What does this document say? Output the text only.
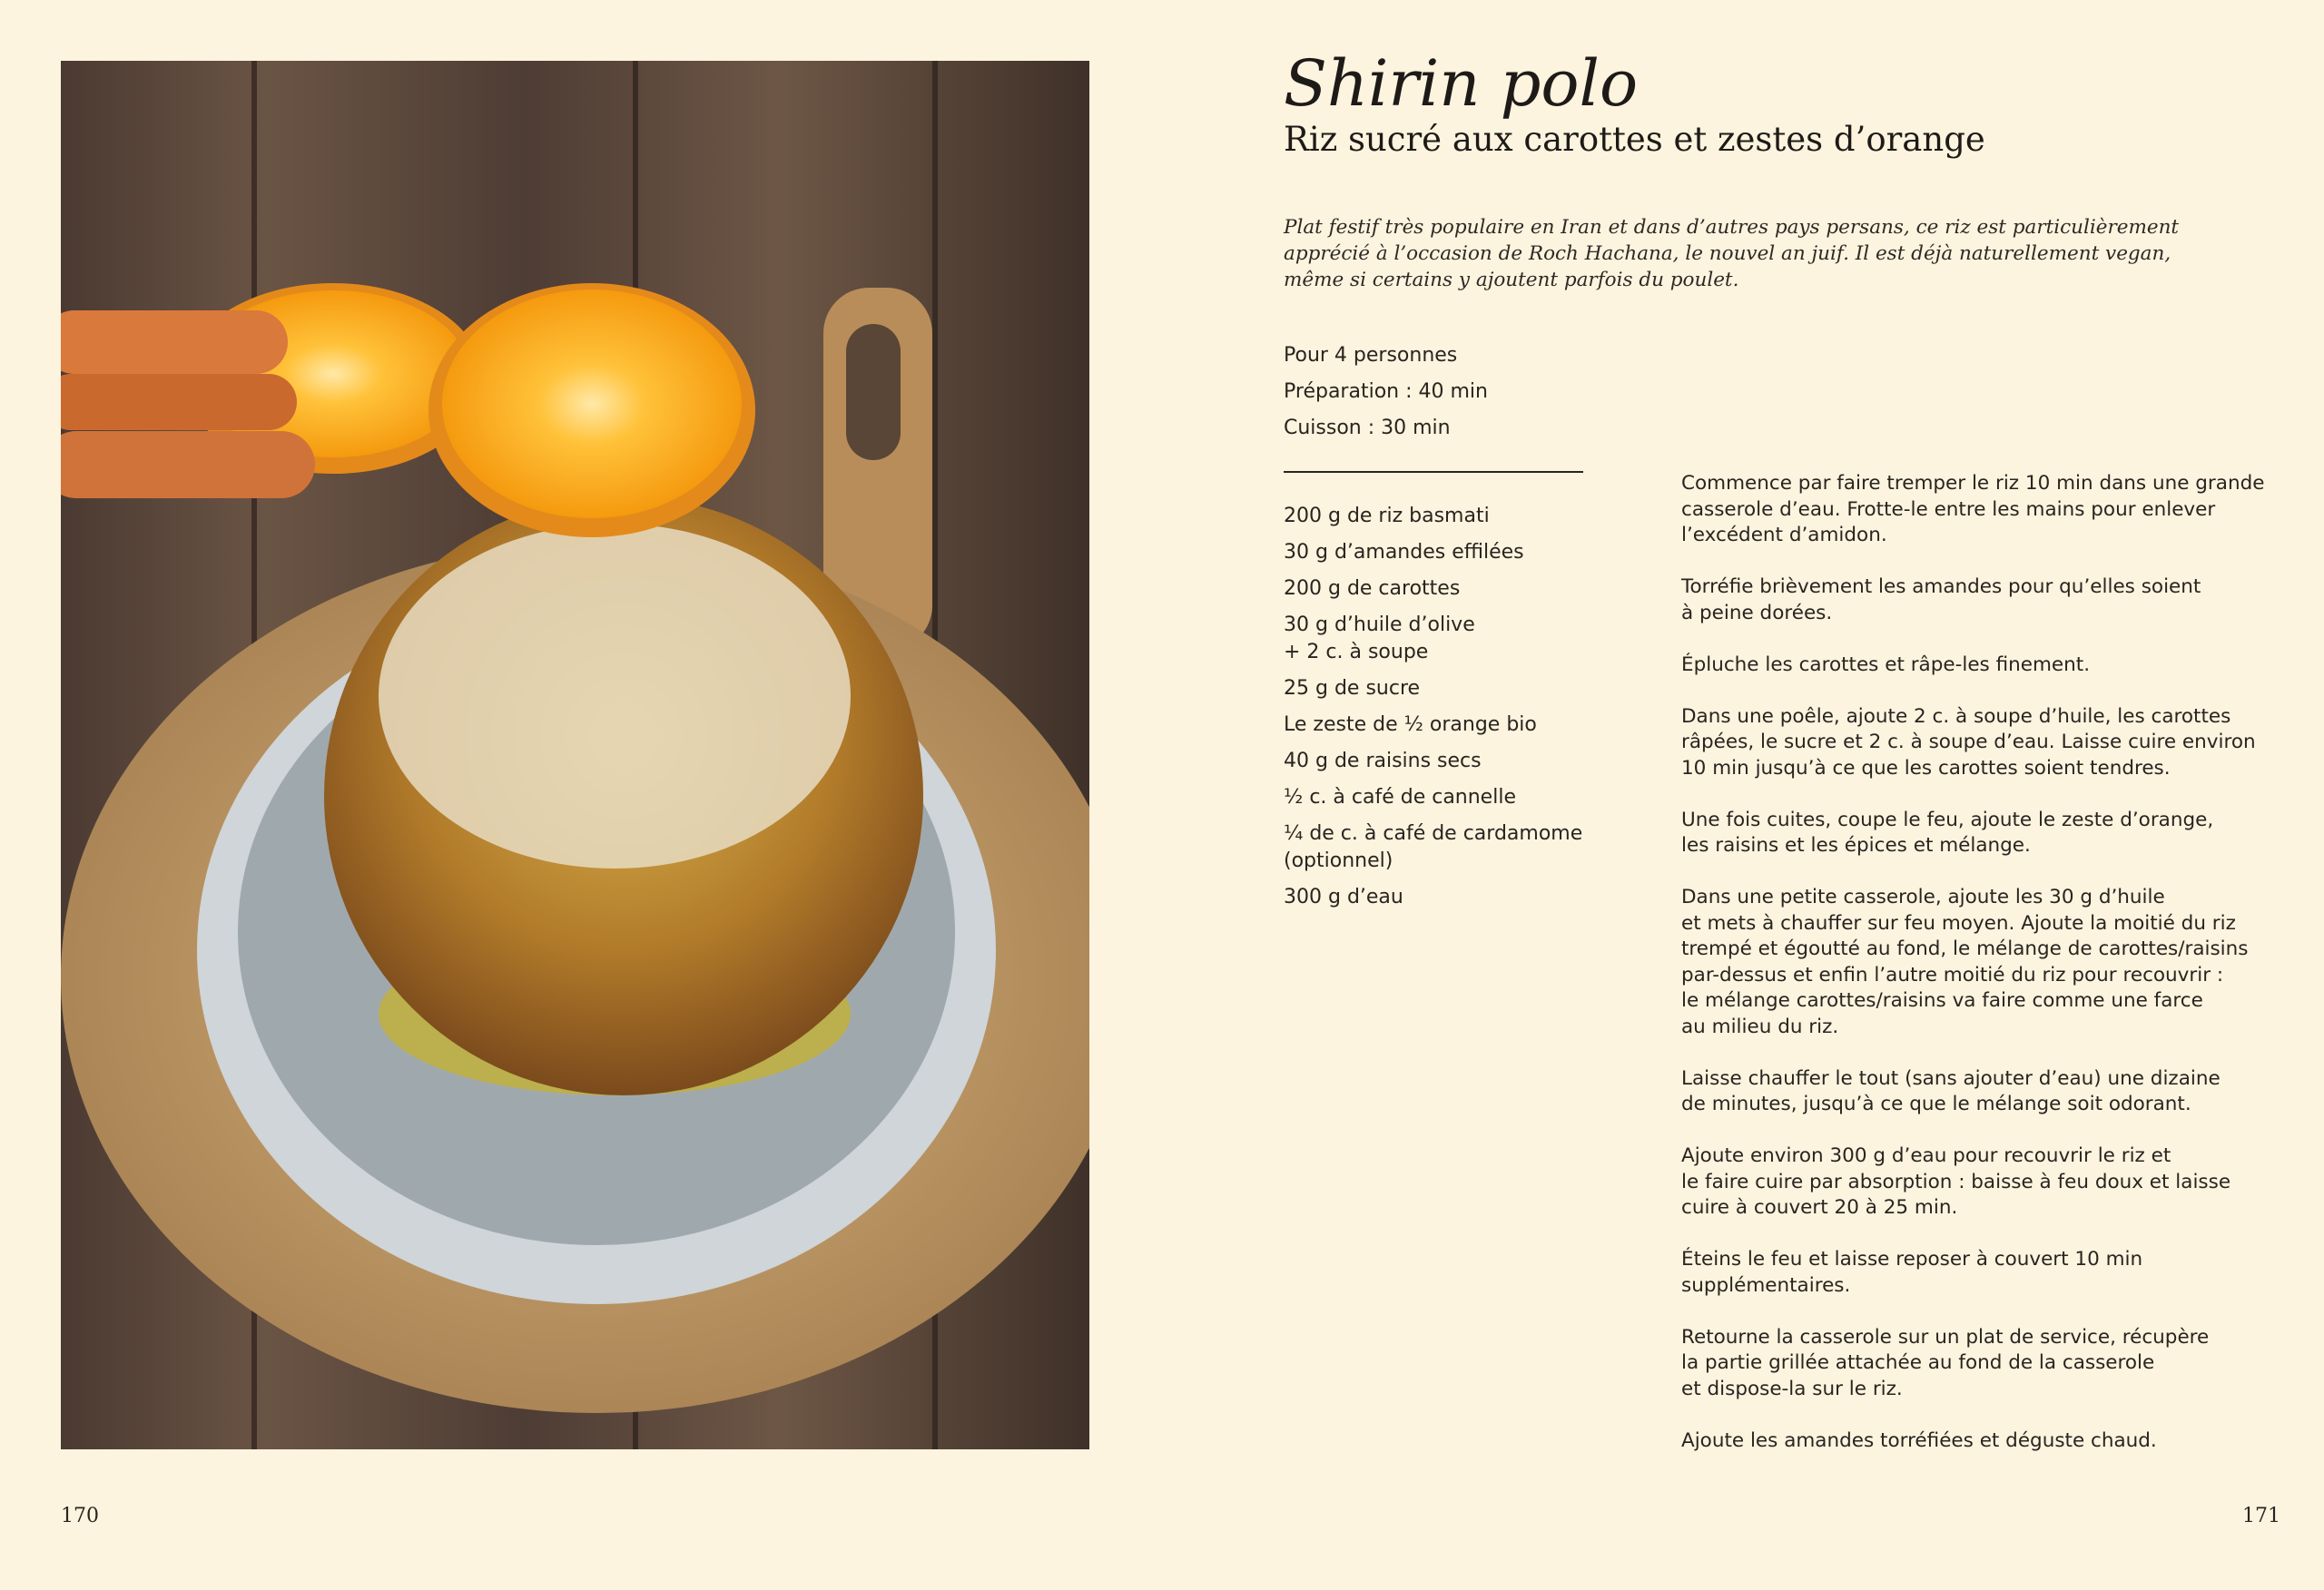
Shirin polo
Riz sucré aux carottes et zestes d’orange
Plat festif très populaire en Iran et dans d’autres pays persans, ce riz est particulièrement
apprécié à l’occasion de Roch Hachana, le nouvel an juif. Il est déjà naturellement vegan,
même si certains y ajoutent parfois du poulet.
Pour 4 personnes
Préparation : 40 min
Cuisson : 30 min
200 g de riz basmati
30 g d’amandes effilées
200 g de carottes
30 g d’huile d’olive
+ 2 c. à soupe
25 g de sucre
Le zeste de ½ orange bio
40 g de raisins secs
½ c. à café de cannelle
¼ de c. à café de cardamome
(optionnel)
300 g d’eau

Commence par faire tremper le riz 10 min dans une grande
casserole d’eau. Frotte-le entre les mains pour enlever
l’excédent d’amidon.

Torréfie brièvement les amandes pour qu’elles soient
à peine dorées.

Épluche les carottes et râpe-les finement.

Dans une poêle, ajoute 2 c. à soupe d’huile, les carottes
râpées, le sucre et 2 c. à soupe d’eau. Laisse cuire environ
10 min jusqu’à ce que les carottes soient tendres.

Une fois cuites, coupe le feu, ajoute le zeste d’orange,
les raisins et les épices et mélange.

Dans une petite casserole, ajoute les 30 g d’huile
et mets à chauffer sur feu moyen. Ajoute la moitié du riz
trempé et égoutté au fond, le mélange de carottes/raisins
par-dessus et enfin l’autre moitié du riz pour recouvrir :
le mélange carottes/raisins va faire comme une farce
au milieu du riz.

Laisse chauffer le tout (sans ajouter d’eau) une dizaine
de minutes, jusqu’à ce que le mélange soit odorant.

Ajoute environ 300 g d’eau pour recouvrir le riz et
le faire cuire par absorption : baisse à feu doux et laisse
cuire à couvert 20 à 25 min.

Éteins le feu et laisse reposer à couvert 10 min
supplémentaires.

Retourne la casserole sur un plat de service, récupère
la partie grillée attachée au fond de la casserole
et dispose-la sur le riz.

Ajoute les amandes torréfiées et déguste chaud.

170	171
